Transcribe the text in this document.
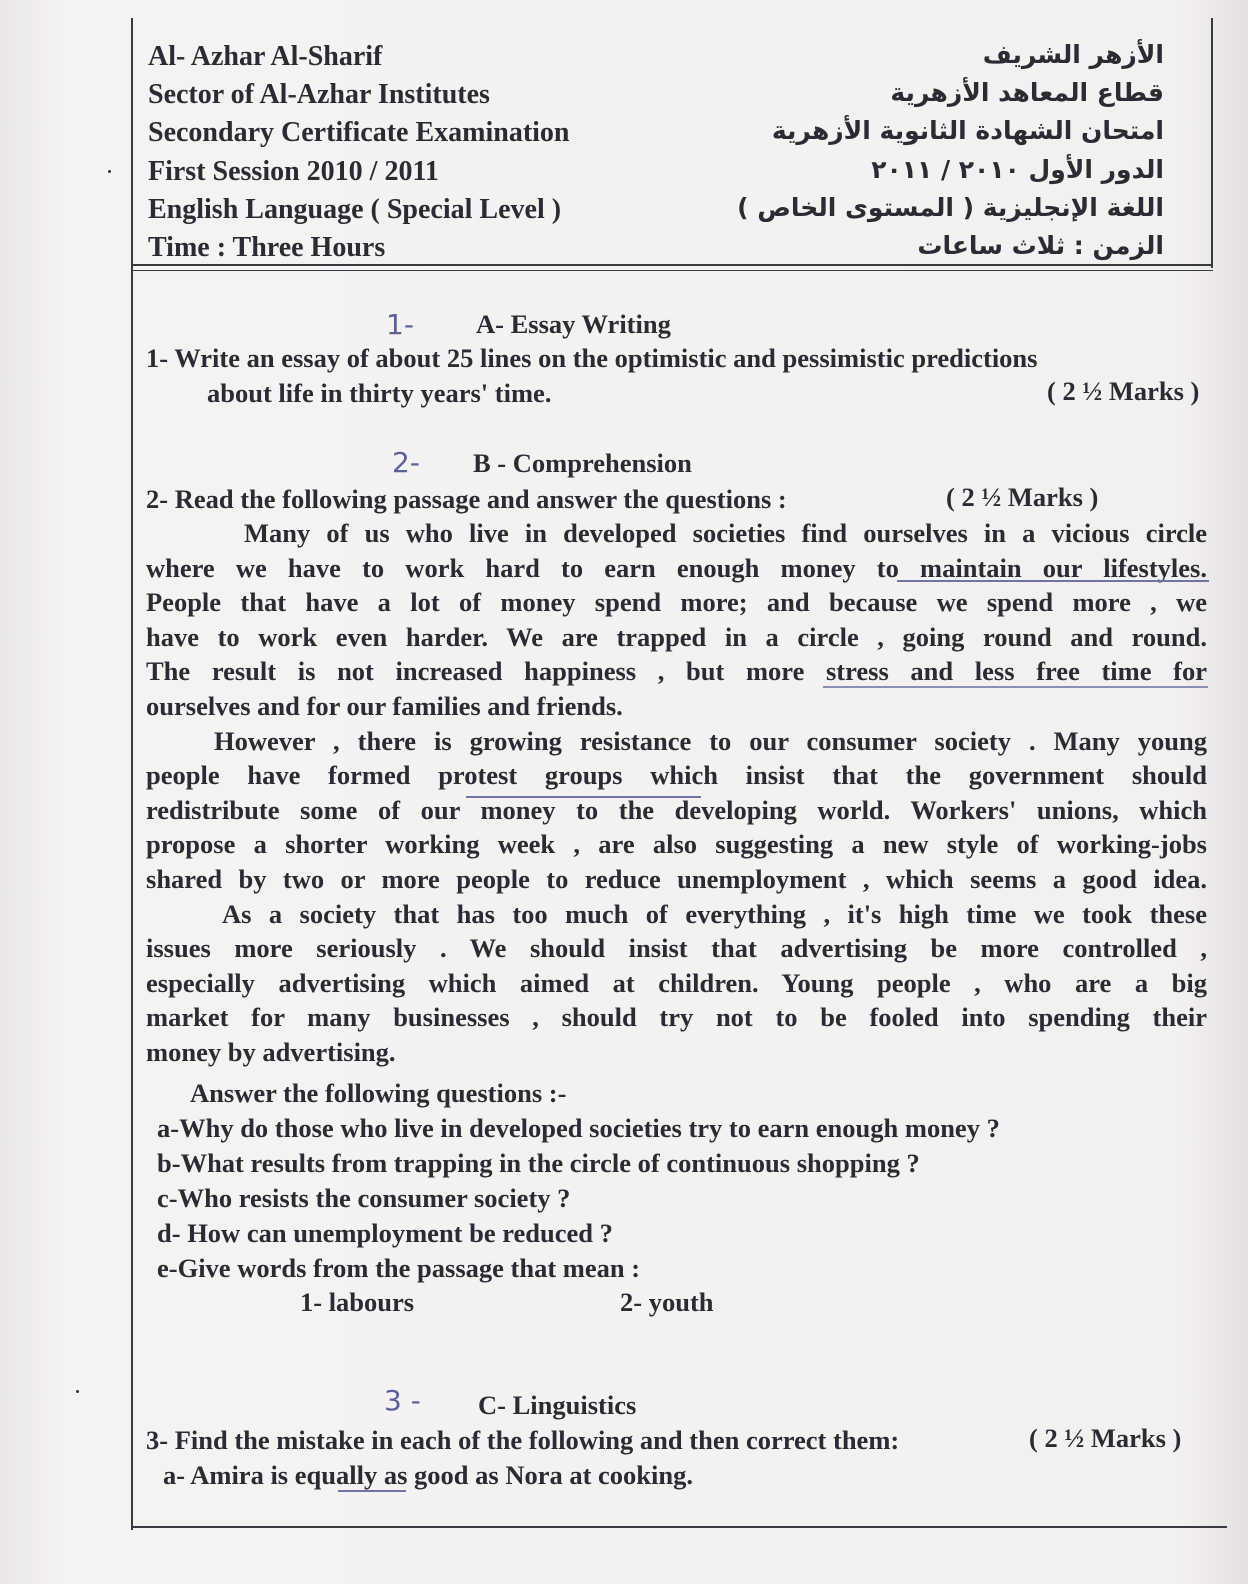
Al- Azhar Al-Sharif
Sector of Al-Azhar Institutes
Secondary Certificate Examination
First Session 2010 / 2011
English Language ( Special Level )
Time : Three Hours
الأزهر الشريف
قطاع المعاهد الأزهرية
امتحان الشهادة الثانوية الأزهرية
الدور الأول ٢٠١٠ / ٢٠١١
اللغة الإنجليزية ( المستوى الخاص )
الزمن : ثلاث ساعات
1- A- Essay Writing
1- Write an essay of about 25 lines on the optimistic and pessimistic predictions
about life in thirty years' time.	( 2 ½ Marks )
2- B - Comprehension
2- Read the following passage and answer the questions :	( 2 ½ Marks )
Many of us who live in developed societies find ourselves in a vicious circle
where we have to work hard to earn enough money to maintain our lifestyles.
People that have a lot of money spend more; and because we spend more , we
have to work even harder. We are trapped in a circle , going round and round.
The result is not increased happiness , but more stress and less free time for
ourselves and for our families and friends.
However , there is growing resistance to our consumer society . Many young
people have formed protest groups which insist that the government should
redistribute some of our money to the developing world. Workers' unions, which
propose a shorter working week , are also suggesting a new style of working-jobs
shared by two or more people to reduce unemployment , which seems a good idea.
As a society that has too much of everything , it's high time we took these
issues more seriously . We should insist that advertising be more controlled ,
especially advertising which aimed at children. Young people , who are a big
market for many businesses , should try not to be fooled into spending their
money by advertising.
Answer the following questions :-
a-Why do those who live in developed societies try to earn enough money ?
b-What results from trapping in the circle of continuous shopping ?
c-Who resists the consumer society ?
d- How can unemployment be reduced ?
e-Give words from the passage that mean :
1- labours	2- youth
3 - C- Linguistics
3- Find the mistake in each of the following and then correct them:	( 2 ½ Marks )
a- Amira is equally as good as Nora at cooking.
